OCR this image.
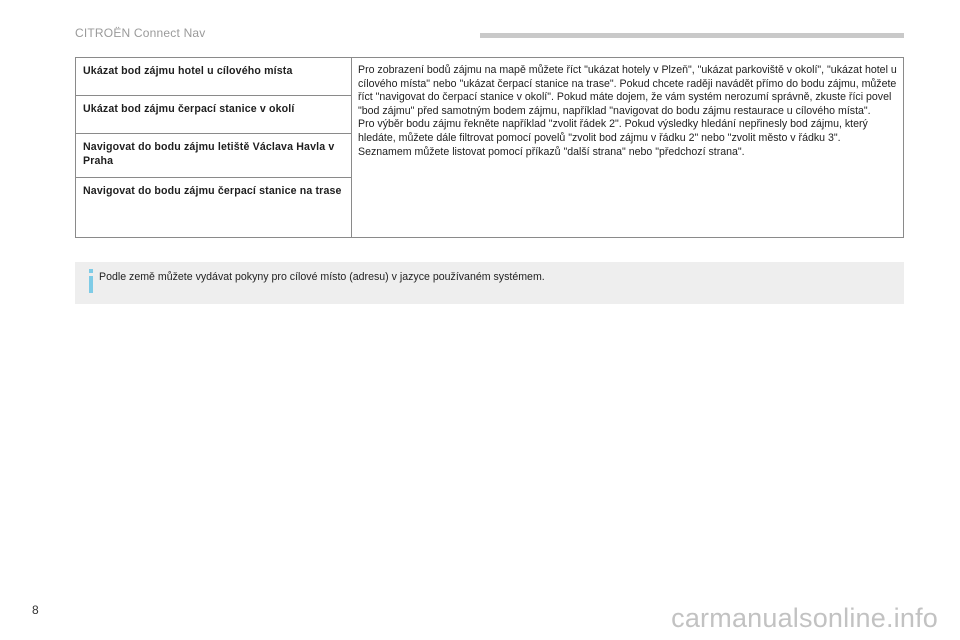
CITROËN Connect Nav
Ukázat bod zájmu hotel u cílového místa
Ukázat bod zájmu čerpací stanice v okolí
Navigovat do bodu zájmu letiště Václava Havla v Praha
Navigovat do bodu zájmu čerpací stanice na trase

Pro zobrazení bodů zájmu na mapě můžete říct "ukázat hotely v Plzeň", "ukázat parkoviště v okolí", "ukázat hotel u cílového místa" nebo "ukázat čerpací stanice na trase". Pokud chcete raději navádět přímo do bodu zájmu, můžete říct "navigovat do čerpací stanice v okolí". Pokud máte dojem, že vám systém nerozumí správně, zkuste říci povel "bod zájmu" před samotným bodem zájmu, například "navigovat do bodu zájmu restaurace u cílového místa".

Pro výběr bodu zájmu řekněte například "zvolit řádek 2". Pokud výsledky hledání nepřinesly bod zájmu, který hledáte, můžete dále filtrovat pomocí povelů "zvolit bod zájmu v řádku 2" nebo "zvolit město v řádku 3". Seznamem můžete listovat pomocí příkazů "další strana" nebo "předchozí strana".

Podle země můžete vydávat pokyny pro cílové místo (adresu) v jazyce používaném systémem.
8	carmanualsonline.info
